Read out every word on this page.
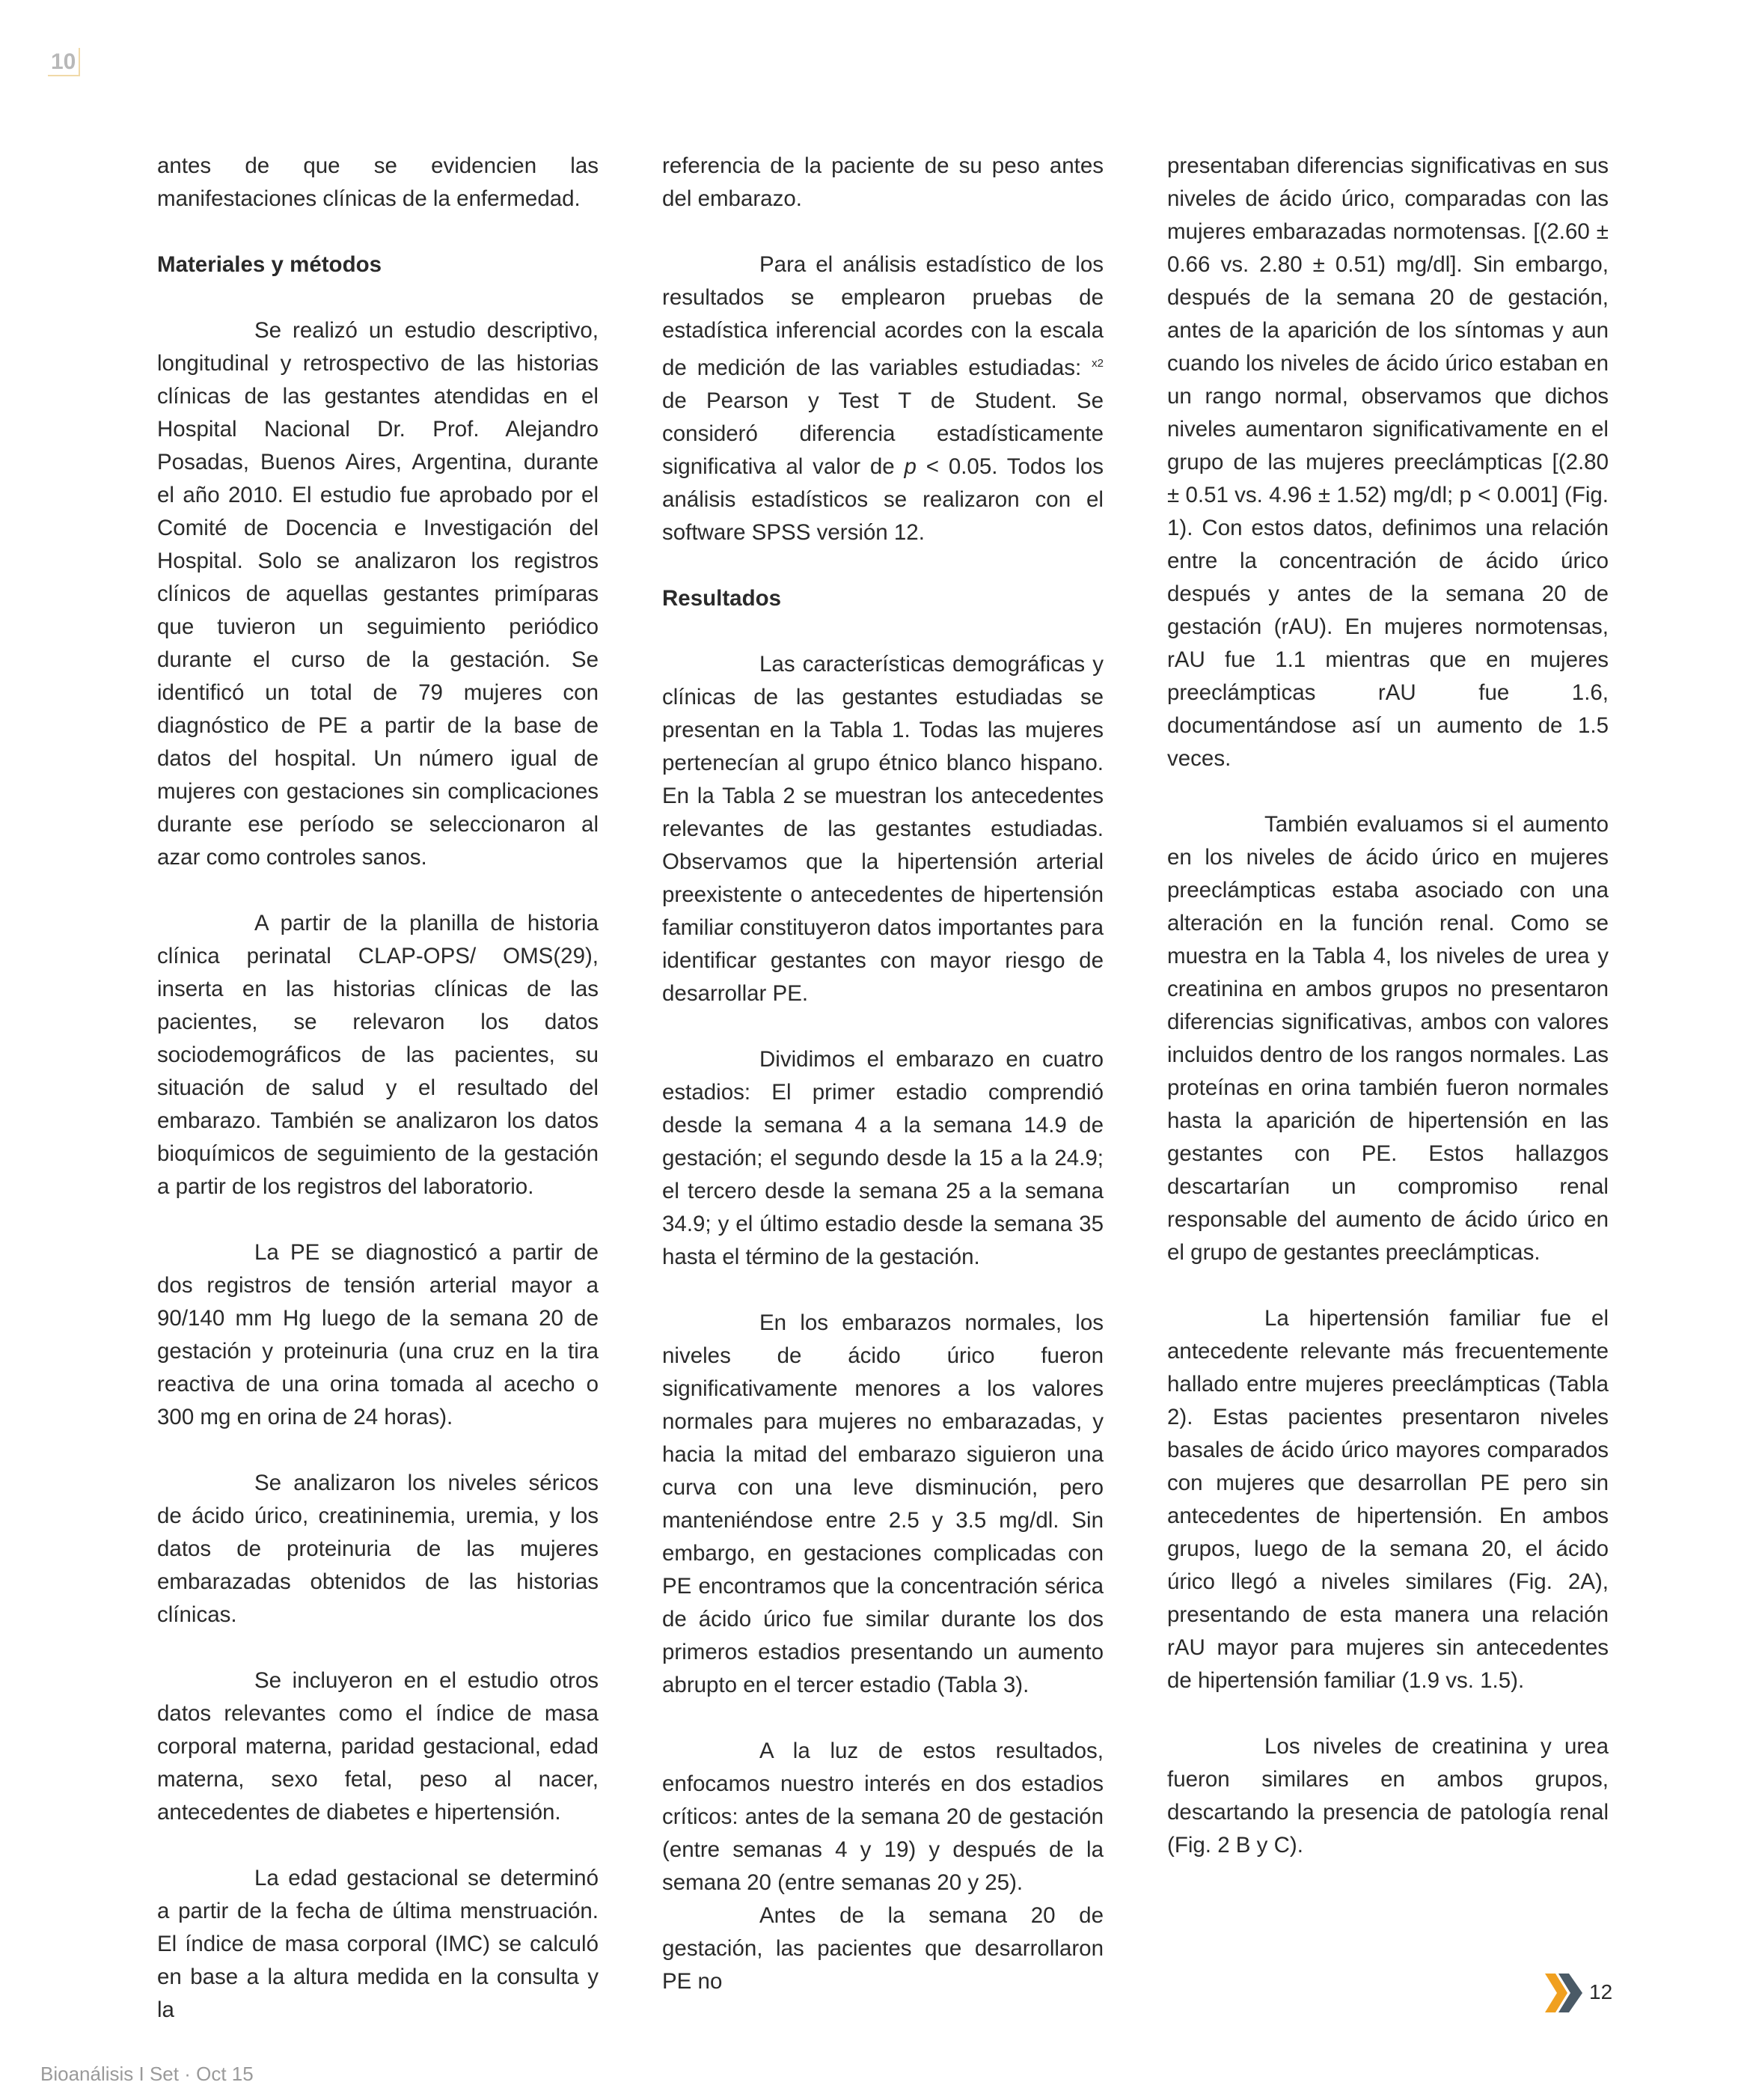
10

antes de que se evidencien las manifestaciones clínicas de la enfermedad.

Materiales y métodos

Se realizó un estudio descriptivo, longitudinal y retrospectivo de las historias clínicas de las gestantes atendidas en el Hospital Nacional Dr. Prof. Alejandro Posadas, Buenos Aires, Argentina, durante el año 2010. El estudio fue aprobado por el Comité de Docencia e Investigación del Hospital. Solo se analizaron los registros clínicos de aquellas gestantes primíparas que tuvieron un seguimiento periódico durante el curso de la gestación. Se identificó un total de 79 mujeres con diagnóstico de PE a partir de la base de datos del hospital. Un número igual de mujeres con gestaciones sin complicaciones durante ese período se seleccionaron al azar como controles sanos.

A partir de la planilla de historia clínica perinatal CLAP-OPS/ OMS(29), inserta en las historias clínicas de las pacientes, se relevaron los datos sociodemográficos de las pacientes, su situación de salud y el resultado del embarazo. También se analizaron los datos bioquímicos de seguimiento de la gestación a partir de los registros del laboratorio.

La PE se diagnosticó a partir de dos registros de tensión arterial mayor a 90/140 mm Hg luego de la semana 20 de gestación y proteinuria (una cruz en la tira reactiva de una orina tomada al acecho o 300 mg en orina de 24 horas).

Se analizaron los niveles séricos de ácido úrico, creatininemia, uremia, y los datos de proteinuria de las mujeres embarazadas obtenidos de las historias clínicas.

Se incluyeron en el estudio otros datos relevantes como el índice de masa corporal materna, paridad gestacional, edad materna, sexo fetal, peso al nacer, antecedentes de diabetes e hipertensión.

La edad gestacional se determinó a partir de la fecha de última menstruación. El índice de masa corporal (IMC) se calculó en base a la altura medida en la consulta y la

referencia de la paciente de su peso antes del embarazo.

Para el análisis estadístico de los resultados se emplearon pruebas de estadística inferencial acordes con la escala de medición de las variables estudiadas: $^{x2}$ de Pearson y Test T de Student. Se consideró diferencia estadísticamente significativa al valor de p < 0.05. Todos los análisis estadísticos se realizaron con el software SPSS versión 12.

Resultados

Las características demográficas y clínicas de las gestantes estudiadas se presentan en la Tabla 1. Todas las mujeres pertenecían al grupo étnico blanco hispano. En la Tabla 2 se muestran los antecedentes relevantes de las gestantes estudiadas. Observamos que la hipertensión arterial preexistente o antecedentes de hipertensión familiar constituyeron datos importantes para identificar gestantes con mayor riesgo de desarrollar PE.

Dividimos el embarazo en cuatro estadios: El primer estadio comprendió desde la semana 4 a la semana 14.9 de gestación; el segundo desde la 15 a la 24.9; el tercero desde la semana 25 a la semana 34.9; y el último estadio desde la semana 35 hasta el término de la gestación.

En los embarazos normales, los niveles de ácido úrico fueron significativamente menores a los valores normales para mujeres no embarazadas, y hacia la mitad del embarazo siguieron una curva con una leve disminución, pero manteniéndose entre 2.5 y 3.5 mg/dl. Sin embargo, en gestaciones complicadas con PE encontramos que la concentración sérica de ácido úrico fue similar durante los dos primeros estadios presentando un aumento abrupto en el tercer estadio (Tabla 3).

A la luz de estos resultados, enfocamos nuestro interés en dos estadios críticos: antes de la semana 20 de gestación (entre semanas 4 y 19) y después de la semana 20 (entre semanas 20 y 25).

Antes de la semana 20 de gestación, las pacientes que desarrollaron PE no

presentaban diferencias significativas en sus niveles de ácido úrico, comparadas con las mujeres embarazadas normotensas. [(2.60 ± 0.66 vs. 2.80 ± 0.51) mg/dl]. Sin embargo, después de la semana 20 de gestación, antes de la aparición de los síntomas y aun cuando los niveles de ácido úrico estaban en un rango normal, observamos que dichos niveles aumentaron significativamente en el grupo de las mujeres preeclámpticas [(2.80 ± 0.51 vs. 4.96 ± 1.52) mg/dl; p < 0.001] (Fig. 1). Con estos datos, definimos una relación entre la concentración de ácido úrico después y antes de la semana 20 de gestación (rAU). En mujeres normotensas, rAU fue 1.1 mientras que en mujeres preeclámpticas rAU fue 1.6, documentándose así un aumento de 1.5 veces.

También evaluamos si el aumento en los niveles de ácido úrico en mujeres preeclámpticas estaba asociado con una alteración en la función renal. Como se muestra en la Tabla 4, los niveles de urea y creatinina en ambos grupos no presentaron diferencias significativas, ambos con valores incluidos dentro de los rangos normales. Las proteínas en orina también fueron normales hasta la aparición de hipertensión en las gestantes con PE. Estos hallazgos descartarían un compromiso renal responsable del aumento de ácido úrico en el grupo de gestantes preeclámpticas.

La hipertensión familiar fue el antecedente relevante más frecuentemente hallado entre mujeres preeclámpticas (Tabla 2). Estas pacientes presentaron niveles basales de ácido úrico mayores comparados con mujeres que desarrollan PE pero sin antecedentes de hipertensión. En ambos grupos, luego de la semana 20, el ácido úrico llegó a niveles similares (Fig. 2A), presentando de esta manera una relación rAU mayor para mujeres sin antecedentes de hipertensión familiar (1.9 vs. 1.5).

Los niveles de creatinina y urea fueron similares en ambos grupos, descartando la presencia de patología renal (Fig. 2 B y C).

12
Bioanálisis I Set · Oct 15
